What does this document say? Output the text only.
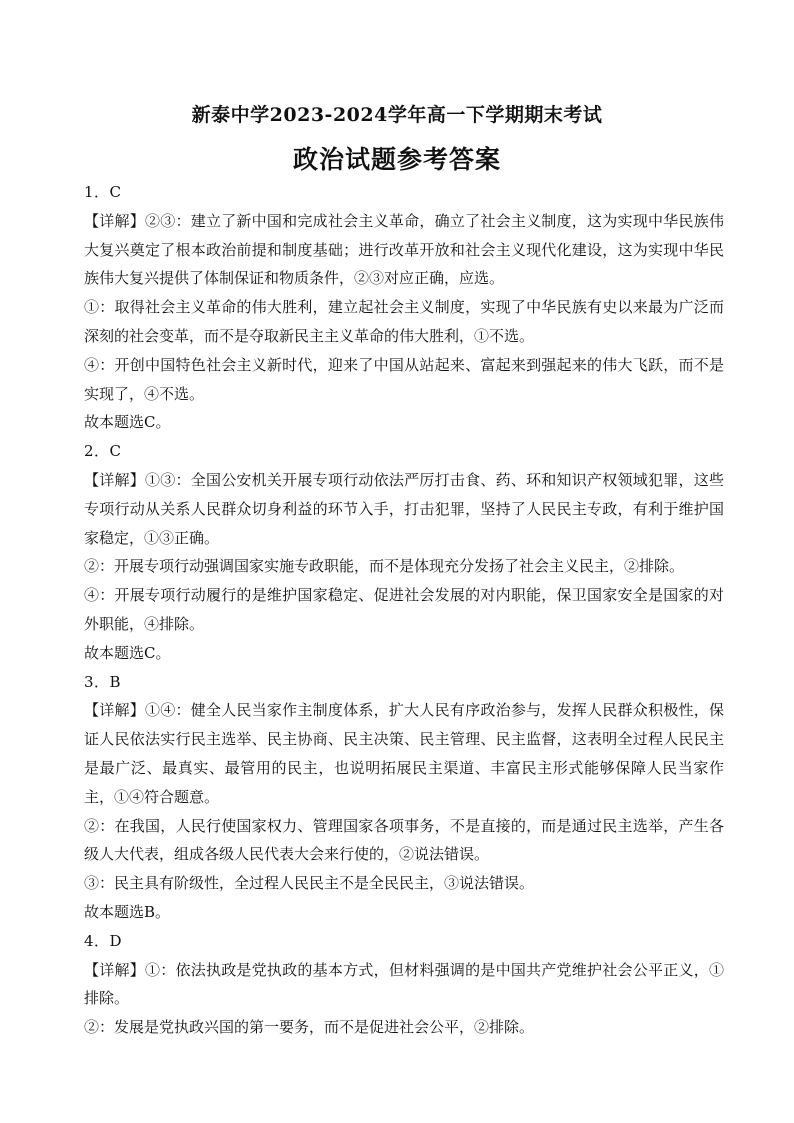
新泰中学2023-2024学年高一下学期期末考试
政治试题参考答案
1．C
【详解】②③：建立了新中国和完成社会主义革命，确立了社会主义制度，这为实现中华民族伟大复兴奠定了根本政治前提和制度基础；进行改革开放和社会主义现代化建设，这为实现中华民族伟大复兴提供了体制保证和物质条件，②③对应正确，应选。
①：取得社会主义革命的伟大胜利，建立起社会主义制度，实现了中华民族有史以来最为广泛而深刻的社会变革，而不是夺取新民主主义革命的伟大胜利，①不选。
④：开创中国特色社会主义新时代，迎来了中国从站起来、富起来到强起来的伟大飞跃，而不是实现了，④不选。
故本题选C。
2．C
【详解】①③：全国公安机关开展专项行动依法严厉打击食、药、环和知识产权领域犯罪，这些专项行动从关系人民群众切身利益的环节入手，打击犯罪，坚持了人民民主专政，有利于维护国家稳定，①③正确。
②：开展专项行动强调国家实施专政职能，而不是体现充分发扬了社会主义民主，②排除。
④：开展专项行动履行的是维护国家稳定、促进社会发展的对内职能，保卫国家安全是国家的对外职能，④排除。
故本题选C。
3．B
【详解】①④：健全人民当家作主制度体系，扩大人民有序政治参与，发挥人民群众积极性，保证人民依法实行民主选举、民主协商、民主决策、民主管理、民主监督，这表明全过程人民民主是最广泛、最真实、最管用的民主，也说明拓展民主渠道、丰富民主形式能够保障人民当家作主，①④符合题意。
②：在我国，人民行使国家权力、管理国家各项事务，不是直接的，而是通过民主选举，产生各级人大代表，组成各级人民代表大会来行使的，②说法错误。
③：民主具有阶级性，全过程人民民主不是全民民主，③说法错误。
故本题选B。
4．D
【详解】①：依法执政是党执政的基本方式，但材料强调的是中国共产党维护社会公平正义，①排除。
②：发展是党执政兴国的第一要务，而不是促进社会公平，②排除。
